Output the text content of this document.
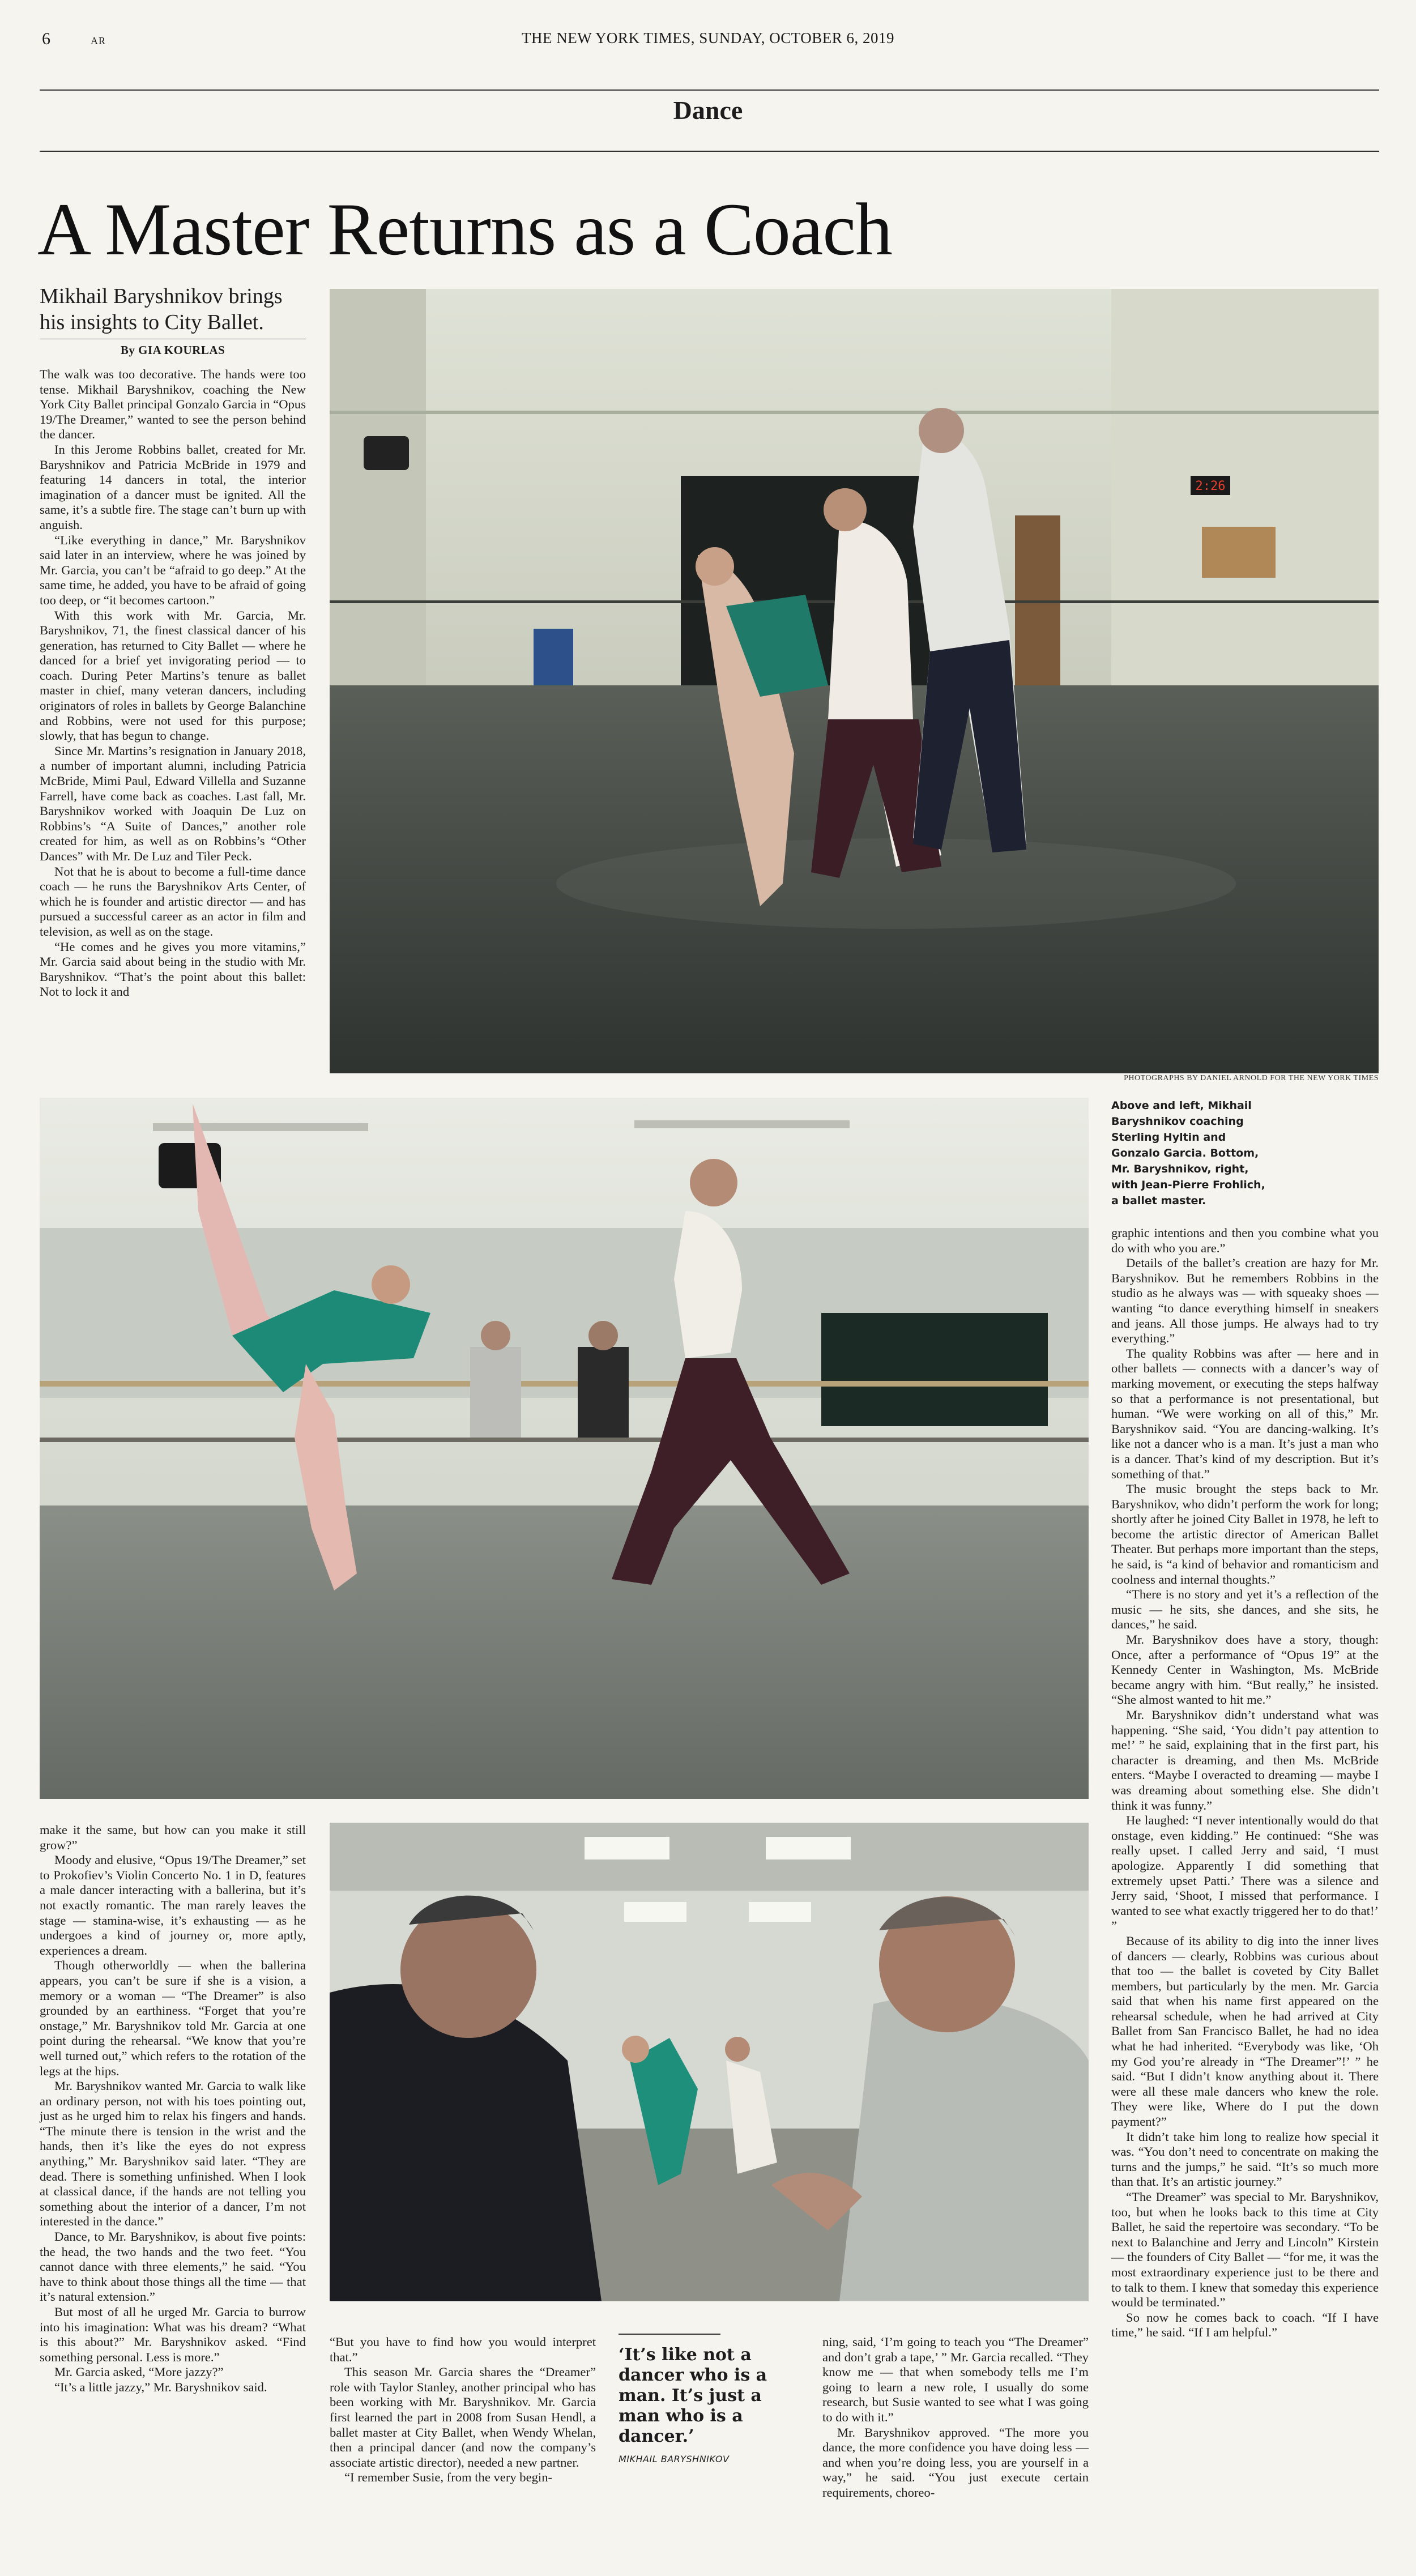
6	AR	THE NEW YORK TIMES, SUNDAY, OCTOBER 6, 2019
Dance
A Master Returns as a Coach
Mikhail Baryshnikov brings his insights to City Ballet.
By GIA KOURLAS

The walk was too decorative. The hands were too tense. Mikhail Baryshnikov, coaching the New York City Ballet principal Gonzalo Garcia in “Opus 19/The Dreamer,” wanted to see the person behind the dancer.

In this Jerome Robbins ballet, created for Mr. Baryshnikov and Patricia McBride in 1979 and featuring 14 dancers in total, the interior imagination of a dancer must be ignited. All the same, it’s a subtle fire. The stage can’t burn up with anguish.

“Like everything in dance,” Mr. Baryshnikov said later in an interview, where he was joined by Mr. Garcia, you can’t be “afraid to go deep.” At the same time, he added, you have to be afraid of going too deep, or “it becomes cartoon.”

With this work with Mr. Garcia, Mr. Baryshnikov, 71, the finest classical dancer of his generation, has returned to City Ballet — where he danced for a brief yet invigorating period — to coach. During Peter Martins’s tenure as ballet master in chief, many veteran dancers, including originators of roles in ballets by George Balanchine and Robbins, were not used for this purpose; slowly, that has begun to change.

Since Mr. Martins’s resignation in January 2018, a number of important alumni, including Patricia McBride, Mimi Paul, Edward Villella and Suzanne Farrell, have come back as coaches. Last fall, Mr. Baryshnikov worked with Joaquin De Luz on Robbins’s “A Suite of Dances,” another role created for him, as well as on Robbins’s “Other Dances” with Mr. De Luz and Tiler Peck.

Not that he is about to become a full-time dance coach — he runs the Baryshnikov Arts Center, of which he is founder and artistic director — and has pursued a successful career as an actor in film and television, as well as on the stage.

“He comes and he gives you more vitamins,” Mr. Garcia said about being in the studio with Mr. Baryshnikov. “That’s the point about this ballet: Not to lock it and

2:26
PHOTOGRAPHS BY DANIEL ARNOLD FOR THE NEW YORK TIMES
Above and left, Mikhail Baryshnikov coaching Sterling Hyltin and Gonzalo Garcia. Bottom, Mr. Baryshnikov, right, with Jean-Pierre Frohlich, a ballet master.

graphic intentions and then you combine what you do with who you are.”

Details of the ballet’s creation are hazy for Mr. Baryshnikov. But he remembers Robbins in the studio as he always was — with squeaky shoes — wanting “to dance everything himself in sneakers and jeans. All those jumps. He always had to try everything.”

The quality Robbins was after — here and in other ballets — connects with a dancer’s way of marking movement, or executing the steps halfway so that a performance is not presentational, but human. “We were working on all of this,” Mr. Baryshnikov said. “You are dancing-walking. It’s like not a dancer who is a man. It’s just a man who is a dancer. That’s kind of my description. But it’s something of that.”

The music brought the steps back to Mr. Baryshnikov, who didn’t perform the work for long; shortly after he joined City Ballet in 1978, he left to become the artistic director of American Ballet Theater. But perhaps more important than the steps, he said, is “a kind of behavior and romanticism and coolness and internal thoughts.”

“There is no story and yet it’s a reflection of the music — he sits, she dances, and she sits, he dances,” he said.

Mr. Baryshnikov does have a story, though: Once, after a performance of “Opus 19” at the Kennedy Center in Washington, Ms. McBride became angry with him. “But really,” he insisted. “She almost wanted to hit me.”

Mr. Baryshnikov didn’t understand what was happening. “She said, ‘You didn’t pay attention to me!’ ” he said, explaining that in the first part, his character is dreaming, and then Ms. McBride enters. “Maybe I overacted to dreaming — maybe I was dreaming about something else. She didn’t think it was funny.”

He laughed: “I never intentionally would do that onstage, even kidding.” He continued: “She was really upset. I called Jerry and said, ‘I must apologize. Apparently I did something that extremely upset Patti.’ There was a silence and Jerry said, ‘Shoot, I missed that performance. I wanted to see what exactly triggered her to do that!’ ”

Because of its ability to dig into the inner lives of dancers — clearly, Robbins was curious about that too — the ballet is coveted by City Ballet members, but particularly by the men. Mr. Garcia said that when his name first appeared on the rehearsal schedule, when he had arrived at City Ballet from San Francisco Ballet, he had no idea what he had inherited. “Everybody was like, ‘Oh my God you’re already in “The Dreamer”!’ ” he said. “But I didn’t know anything about it. There were all these male dancers who knew the role. They were like, Where do I put the down payment?”

It didn’t take him long to realize how special it was. “You don’t need to concentrate on making the turns and the jumps,” he said. “It’s so much more than that. It’s an artistic journey.”

“The Dreamer” was special to Mr. Baryshnikov, too, but when he looks back to this time at City Ballet, he said the repertoire was secondary. “To be next to Balanchine and Jerry and Lincoln” Kirstein — the founders of City Ballet — “for me, it was the most extraordinary experience just to be there and to talk to them. I knew that someday this experience would be terminated.”

So now he comes back to coach. “If I have time,” he said. “If I am helpful.”

make it the same, but how can you make it still grow?”

Moody and elusive, “Opus 19/The Dreamer,” set to Prokofiev’s Violin Concerto No. 1 in D, features a male dancer interacting with a ballerina, but it’s not exactly romantic. The man rarely leaves the stage — stamina-wise, it’s exhausting — as he undergoes a kind of journey or, more aptly, experiences a dream.

Though otherworldly — when the ballerina appears, you can’t be sure if she is a vision, a memory or a woman — “The Dreamer” is also grounded by an earthiness. “Forget that you’re onstage,” Mr. Baryshnikov told Mr. Garcia at one point during the rehearsal. “We know that you’re well turned out,” which refers to the rotation of the legs at the hips.

Mr. Baryshnikov wanted Mr. Garcia to walk like an ordinary person, not with his toes pointing out, just as he urged him to relax his fingers and hands. “The minute there is tension in the wrist and the hands, then it’s like the eyes do not express anything,” Mr. Baryshnikov said later. “They are dead. There is something unfinished. When I look at classical dance, if the hands are not telling you something about the interior of a dancer, I’m not interested in the dance.”

Dance, to Mr. Baryshnikov, is about five points: the head, the two hands and the two feet. “You cannot dance with three elements,” he said. “You have to think about those things all the time — that it’s natural extension.”

But most of all he urged Mr. Garcia to burrow into his imagination: What was his dream? “What is this about?” Mr. Baryshnikov asked. “Find something personal. Less is more.”

Mr. Garcia asked, “More jazzy?”

“It’s a little jazzy,” Mr. Baryshnikov said.

“But you have to find how you would interpret that.”

This season Mr. Garcia shares the “Dreamer” role with Taylor Stanley, another principal who has been working with Mr. Baryshnikov. Mr. Garcia first learned the part in 2008 from Susan Hendl, a ballet master at City Ballet, when Wendy Whelan, then a principal dancer (and now the company’s associate artistic director), needed a new partner.

“I remember Susie, from the very begin-

‘It’s like not a dancer who is a man. It’s just a man who is a dancer.’
MIKHAIL BARYSHNIKOV

ning, said, ‘I’m going to teach you “The Dreamer” and don’t grab a tape,’ ” Mr. Garcia recalled. “They know me — that when somebody tells me I’m going to learn a new role, I usually do some research, but Susie wanted to see what I was going to do with it.”

Mr. Baryshnikov approved. “The more you dance, the more confidence you have doing less — and when you’re doing less, you are yourself in a way,” he said. “You just execute certain requirements, choreo-
